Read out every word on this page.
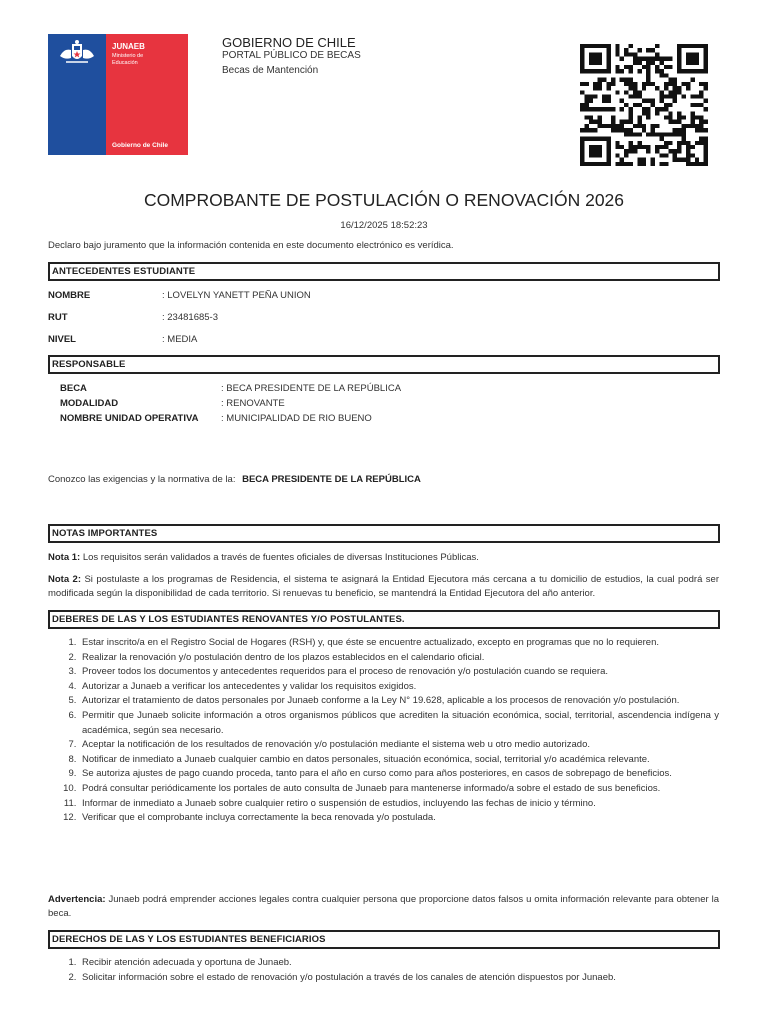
JUNAEB
Ministerio de Educación
Gobierno de Chile
GOBIERNO DE CHILE
PORTAL PÚBLICO DE BECAS
Becas de Mantención
COMPROBANTE DE POSTULACIÓN O RENOVACIÓN 2026
16/12/2025 18:52:23
Declaro bajo juramento que la información contenida en este documento electrónico es verídica.
ANTECEDENTES ESTUDIANTE
NOMBRE	: LOVELYN YANETT PEÑA UNION
RUT	: 23481685-3
NIVEL	: MEDIA
RESPONSABLE
BECA	: BECA PRESIDENTE DE LA REPÚBLICA
MODALIDAD	: RENOVANTE
NOMBRE UNIDAD OPERATIVA : MUNICIPALIDAD DE RIO BUENO
Conozco las exigencias y la normativa de la: BECA PRESIDENTE DE LA REPÚBLICA
NOTAS IMPORTANTES
Nota 1: Los requisitos serán validados a través de fuentes oficiales de diversas Instituciones Públicas.
Nota 2: Si postulaste a los programas de Residencia, el sistema te asignará la Entidad Ejecutora más cercana a tu domicilio de estudios, la cual podrá ser modificada según la disponibilidad de cada territorio. Si renuevas tu beneficio, se mantendrá la Entidad Ejecutora del año anterior.
DEBERES DE LAS Y LOS ESTUDIANTES RENOVANTES Y/O POSTULANTES.
1. Estar inscrito/a en el Registro Social de Hogares (RSH) y, que éste se encuentre actualizado, excepto en programas que no lo requieren.
2. Realizar la renovación y/o postulación dentro de los plazos establecidos en el calendario oficial.
3. Proveer todos los documentos y antecedentes requeridos para el proceso de renovación y/o postulación cuando se requiera.
4. Autorizar a Junaeb a verificar los antecedentes y validar los requisitos exigidos.
5. Autorizar el tratamiento de datos personales por Junaeb conforme a la Ley N° 19.628, aplicable a los procesos de renovación y/o postulación.
6. Permitir que Junaeb solicite información a otros organismos públicos que acrediten la situación económica, social, territorial, ascendencia indígena y académica, según sea necesario.
7. Aceptar la notificación de los resultados de renovación y/o postulación mediante el sistema web u otro medio autorizado.
8. Notificar de inmediato a Junaeb cualquier cambio en datos personales, situación económica, social, territorial y/o académica relevante.
9. Se autoriza ajustes de pago cuando proceda, tanto para el año en curso como para años posteriores, en casos de sobrepago de beneficios.
10. Podrá consultar periódicamente los portales de auto consulta de Junaeb para mantenerse informado/a sobre el estado de sus beneficios.
11. Informar de inmediato a Junaeb sobre cualquier retiro o suspensión de estudios, incluyendo las fechas de inicio y término.
12. Verificar que el comprobante incluya correctamente la beca renovada y/o postulada.
Advertencia: Junaeb podrá emprender acciones legales contra cualquier persona que proporcione datos falsos u omita información relevante para obtener la beca.
DERECHOS DE LAS Y LOS ESTUDIANTES BENEFICIARIOS
1. Recibir atención adecuada y oportuna de Junaeb.
2. Solicitar información sobre el estado de renovación y/o postulación a través de los canales de atención dispuestos por Junaeb.
